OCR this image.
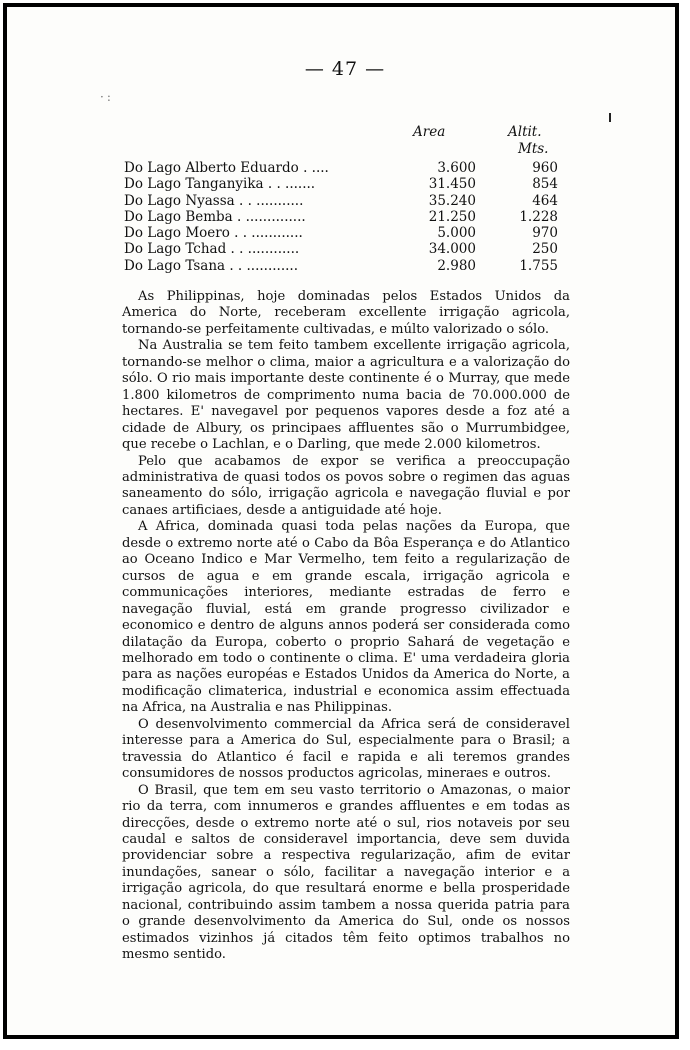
— 47 —
·:
Area	Altit.
Mts.
Do Lago Alberto Eduardo . ....	3.600	960
Do Lago Tanganyika . . .......	31.450	854
Do Lago Nyassa . . ...........	35.240	464
Do Lago Bemba . ..............	21.250	1.228
Do Lago Moero . . ............	5.000	970
Do Lago Tchad . . ............	34.000	250
Do Lago Tsana . . ............	2.980	1.755

As Philippinas, hoje dominadas pelos Estados Unidos da America do Norte, receberam excellente irrigação agricola, tornando-se perfeitamente cultivadas, e múlto valorizado o sólo.

Na Australia se tem feito tambem excellente irrigação agricola, tornando-se melhor o clima, maior a agricultura e a valorização do sólo. O rio mais importante deste continente é o Murray, que mede 1.800 kilometros de comprimento numa bacia de 70.000.000 de hectares. E' navegavel por pequenos vapores desde a foz até a cidade de Albury, os principaes affluentes são o Murrumbidgee, que recebe o Lachlan, e o Darling, que mede 2.000 kilometros.

Pelo que acabamos de expor se verifica a preoccupação administrativa de quasi todos os povos sobre o regimen das aguas saneamento do sólo, irrigação agricola e navegação fluvial e por canaes artificiaes, desde a antiguidade até hoje.

A Africa, dominada quasi toda pelas nações da Europa, que desde o extremo norte até o Cabo da Bôa Esperança e do Atlantico ao Oceano Indico e Mar Vermelho, tem feito a regularização de cursos de agua e em grande escala, irrigação agricola e communicações interiores, mediante estradas de ferro e navegação fluvial, está em grande progresso civilizador e economico e dentro de alguns annos poderá ser considerada como dilatação da Europa, coberto o proprio Sahará de vegetação e melhorado em todo o continente o clima. E' uma verdadeira gloria para as nações européas e Estados Unidos da America do Norte, a modificação climaterica, industrial e economica assim effectuada na Africa, na Australia e nas Philippinas.

O desenvolvimento commercial da Africa será de consideravel interesse para a America do Sul, especialmente para o Brasil; a travessia do Atlantico é facil e rapida e ali teremos grandes consumidores de nossos productos agricolas, mineraes e outros.

O Brasil, que tem em seu vasto territorio o Amazonas, o maior rio da terra, com innumeros e grandes affluentes e em todas as direcções, desde o extremo norte até o sul, rios notaveis por seu caudal e saltos de consideravel importancia, deve sem duvida providenciar sobre a respectiva regularização, afim de evitar inundações, sanear o sólo, facilitar a navegação interior e a irrigação agricola, do que resultará enorme e bella prosperidade nacional, contribuindo assim tambem a nossa querida patria para o grande desenvolvimento da America do Sul, onde os nossos estimados vizinhos já citados têm feito optimos trabalhos no mesmo sentido.
